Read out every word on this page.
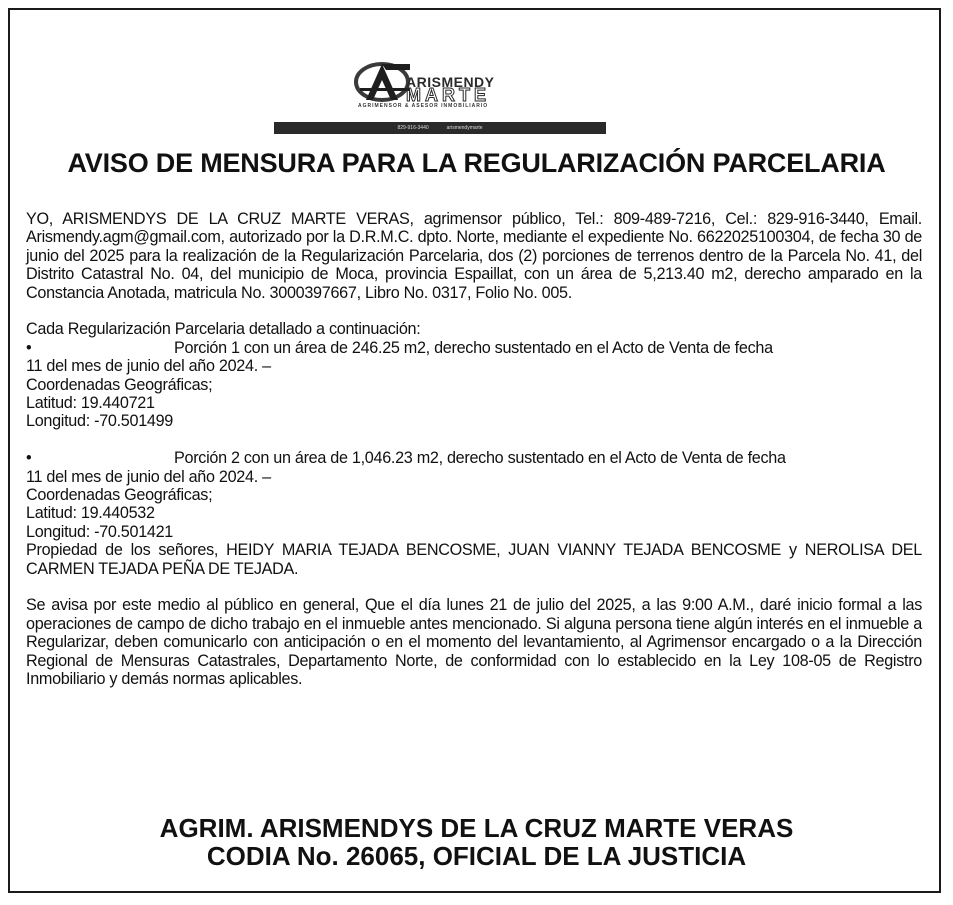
ARISMENDY
MARTE
AGRIMENSOR & ASESOR INMOBILIARIO
829-916-3440	arismendymarte
AVISO DE MENSURA PARA LA REGULARIZACIÓN PARCELARIA

YO, ARISMENDYS DE LA CRUZ MARTE VERAS, agrimensor público, Tel.: 809-489-7216, Cel.: 829-916-3440, Email. Arismendy.agm@gmail.com, autorizado por la D.R.M.C. dpto. Norte, mediante el expediente No. 6622025100304, de fecha 30 de junio del 2025 para la realización de la Regularización Parcelaria, dos (2) porciones de terrenos dentro de la Parcela No. 41, del Distrito Catastral No. 04, del municipio de Moca, provincia Espaillat, con un área de 5,213.40 m2, derecho amparado en la Constancia Anotada, matricula No. 3000397667, Libro No. 0317, Folio No. 005.

Cada Regularización Parcelaria detallado a continuación:

•	Porción 1 con un área de 246.25 m2, derecho sustentado en el Acto de Venta de fecha

11 del mes de junio del año 2024. –

Coordenadas Geográficas;

Latitud: 19.440721

Longitud: -70.501499

•	Porción 2 con un área de 1,046.23 m2, derecho sustentado en el Acto de Venta de fecha

11 del mes de junio del año 2024. –

Coordenadas Geográficas;

Latitud: 19.440532

Longitud: -70.501421

Propiedad de los señores, HEIDY MARIA TEJADA BENCOSME, JUAN VIANNY TEJADA BENCOSME y NEROLISA DEL CARMEN TEJADA PEÑA DE TEJADA.

Se avisa por este medio al público en general, Que el día lunes 21 de julio del 2025, a las 9:00 A.M., daré inicio formal a las operaciones de campo de dicho trabajo en el inmueble antes mencionado. Si alguna persona tiene algún interés en el inmueble a Regularizar, deben comunicarlo con anticipación o en el momento del levantamiento, al Agrimensor encargado o a la Dirección Regional de Mensuras Catastrales, Departamento Norte, de conformidad con lo establecido en la Ley 108-05 de Registro Inmobiliario y demás normas aplicables.

AGRIM. ARISMENDYS DE LA CRUZ MARTE VERAS
CODIA No. 26065, OFICIAL DE LA JUSTICIA
